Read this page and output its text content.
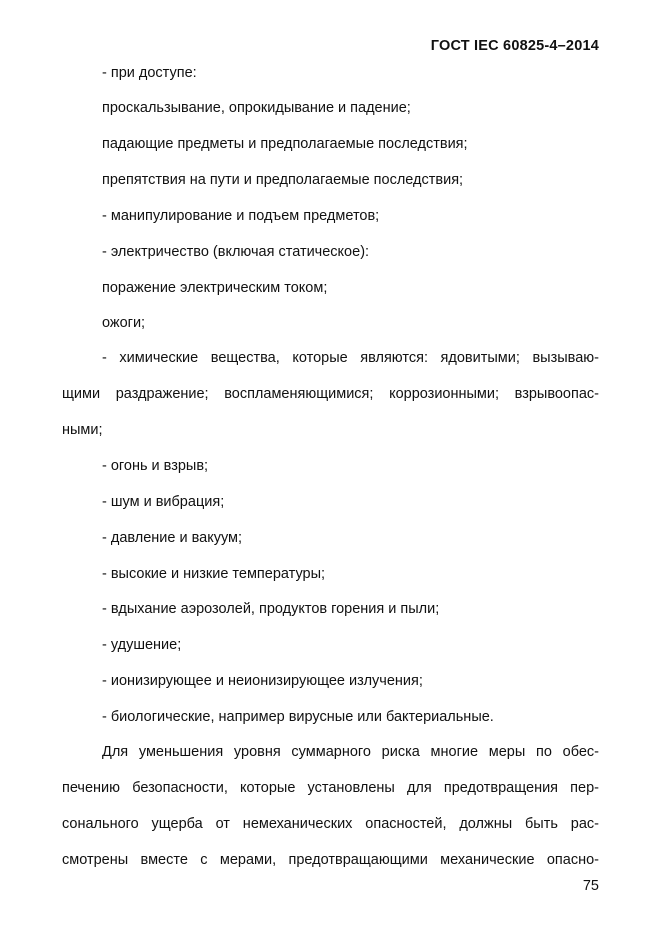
ГОСТ IEC 60825-4–2014
- при доступе:
проскальзывание, опрокидывание и падение;
падающие предметы и предполагаемые последствия;
препятствия на пути и предполагаемые последствия;
- манипулирование и подъем предметов;
- электричество (включая статическое):
поражение электрическим током;
ожоги;
- химические вещества, которые являются: ядовитыми; вызываю-
щими раздражение; воспламеняющимися; коррозионными; взрывоопас-
ными;
- огонь и взрыв;
- шум и вибрация;
- давление и вакуум;
- высокие и низкие температуры;
- вдыхание аэрозолей, продуктов горения и пыли;
- удушение;
- ионизирующее и неионизирующее излучения;
- биологические, например вирусные или бактериальные.
Для уменьшения уровня суммарного риска многие меры по обес-
печению безопасности, которые установлены для предотвращения пер-
сонального ущерба от немеханических опасностей, должны быть рас-
смотрены вместе с мерами, предотвращающими механические опасно-
75
